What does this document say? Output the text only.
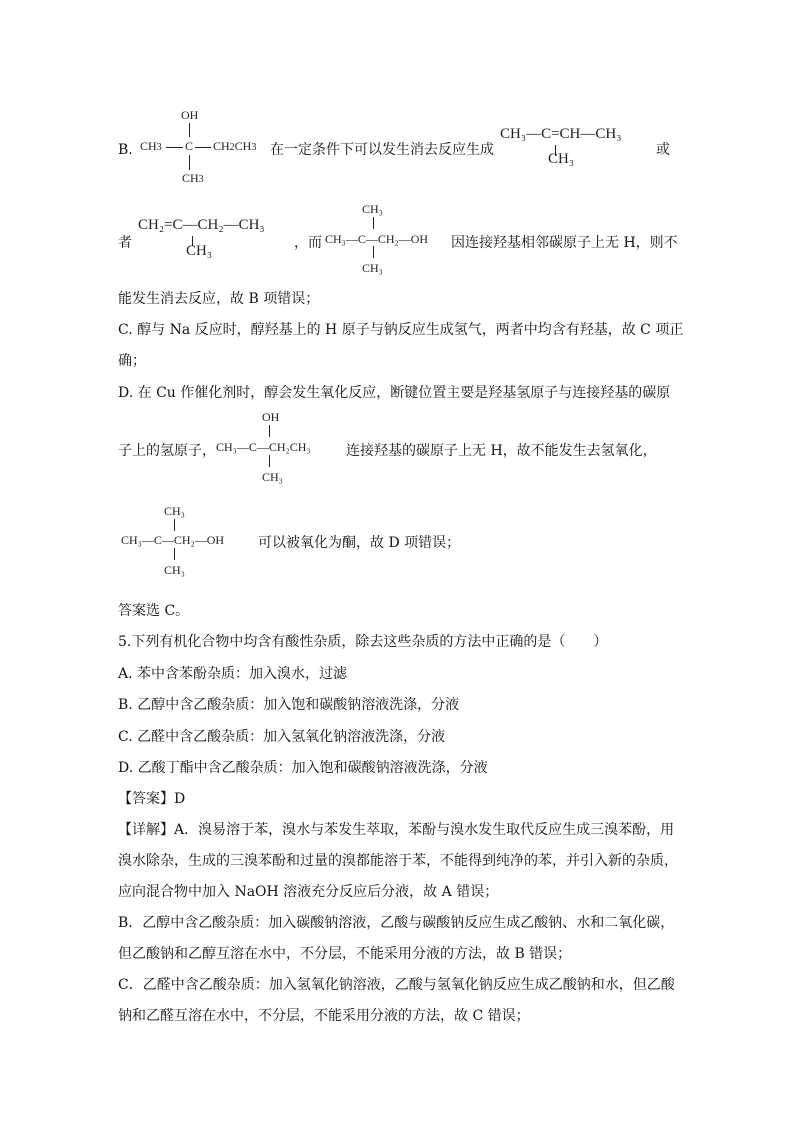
B.
OH
CH3 C CH2CH3
CH3
在一定条件下可以发生消去反应生成
CH₃—C=CH—CH₃
CH₃
或
者
CH₂=C—CH₂—CH₃
CH₃	，而
CH₃
CH₃—C—CH₂—OH
CH₃
因连接羟基相邻碳原子上无 H，则不
能发生消去反应，故 B 项错误；
C. 醇与 Na 反应时，醇羟基上的 H 原子与钠反应生成氢气，两者中均含有羟基，故 C 项正
确；
D. 在 Cu 作催化剂时，醇会发生氧化反应，断键位置主要是羟基氢原子与连接羟基的碳原
子上的氢原子，
OH
CH₃—C—CH₂CH₃
CH₃
连接羟基的碳原子上无 H，故不能发生去氢氧化，
CH₃
CH₃—C—CH₂—OH
CH₃
可以被氧化为酮，故 D 项错误；
答案选 C。
5.下列有机化合物中均含有酸性杂质，除去这些杂质的方法中正确的是（　　）
A. 苯中含苯酚杂质：加入溴水，过滤
B. 乙醇中含乙酸杂质：加入饱和碳酸钠溶液洗涤，分液
C. 乙醛中含乙酸杂质：加入氢氧化钠溶液洗涤，分液
D. 乙酸丁酯中含乙酸杂质：加入饱和碳酸钠溶液洗涤，分液
【答案】D
【详解】A．溴易溶于苯，溴水与苯发生萃取，苯酚与溴水发生取代反应生成三溴苯酚，用
溴水除杂，生成的三溴苯酚和过量的溴都能溶于苯，不能得到纯净的苯，并引入新的杂质，
应向混合物中加入 NaOH 溶液充分反应后分液，故 A 错误；
B．乙醇中含乙酸杂质：加入碳酸钠溶液，乙酸与碳酸钠反应生成乙酸钠、水和二氧化碳，
但乙酸钠和乙醇互溶在水中，不分层，不能采用分液的方法，故 B 错误；
C．乙醛中含乙酸杂质：加入氢氧化钠溶液，乙酸与氢氧化钠反应生成乙酸钠和水，但乙酸
钠和乙醛互溶在水中，不分层，不能采用分液的方法，故 C 错误；
